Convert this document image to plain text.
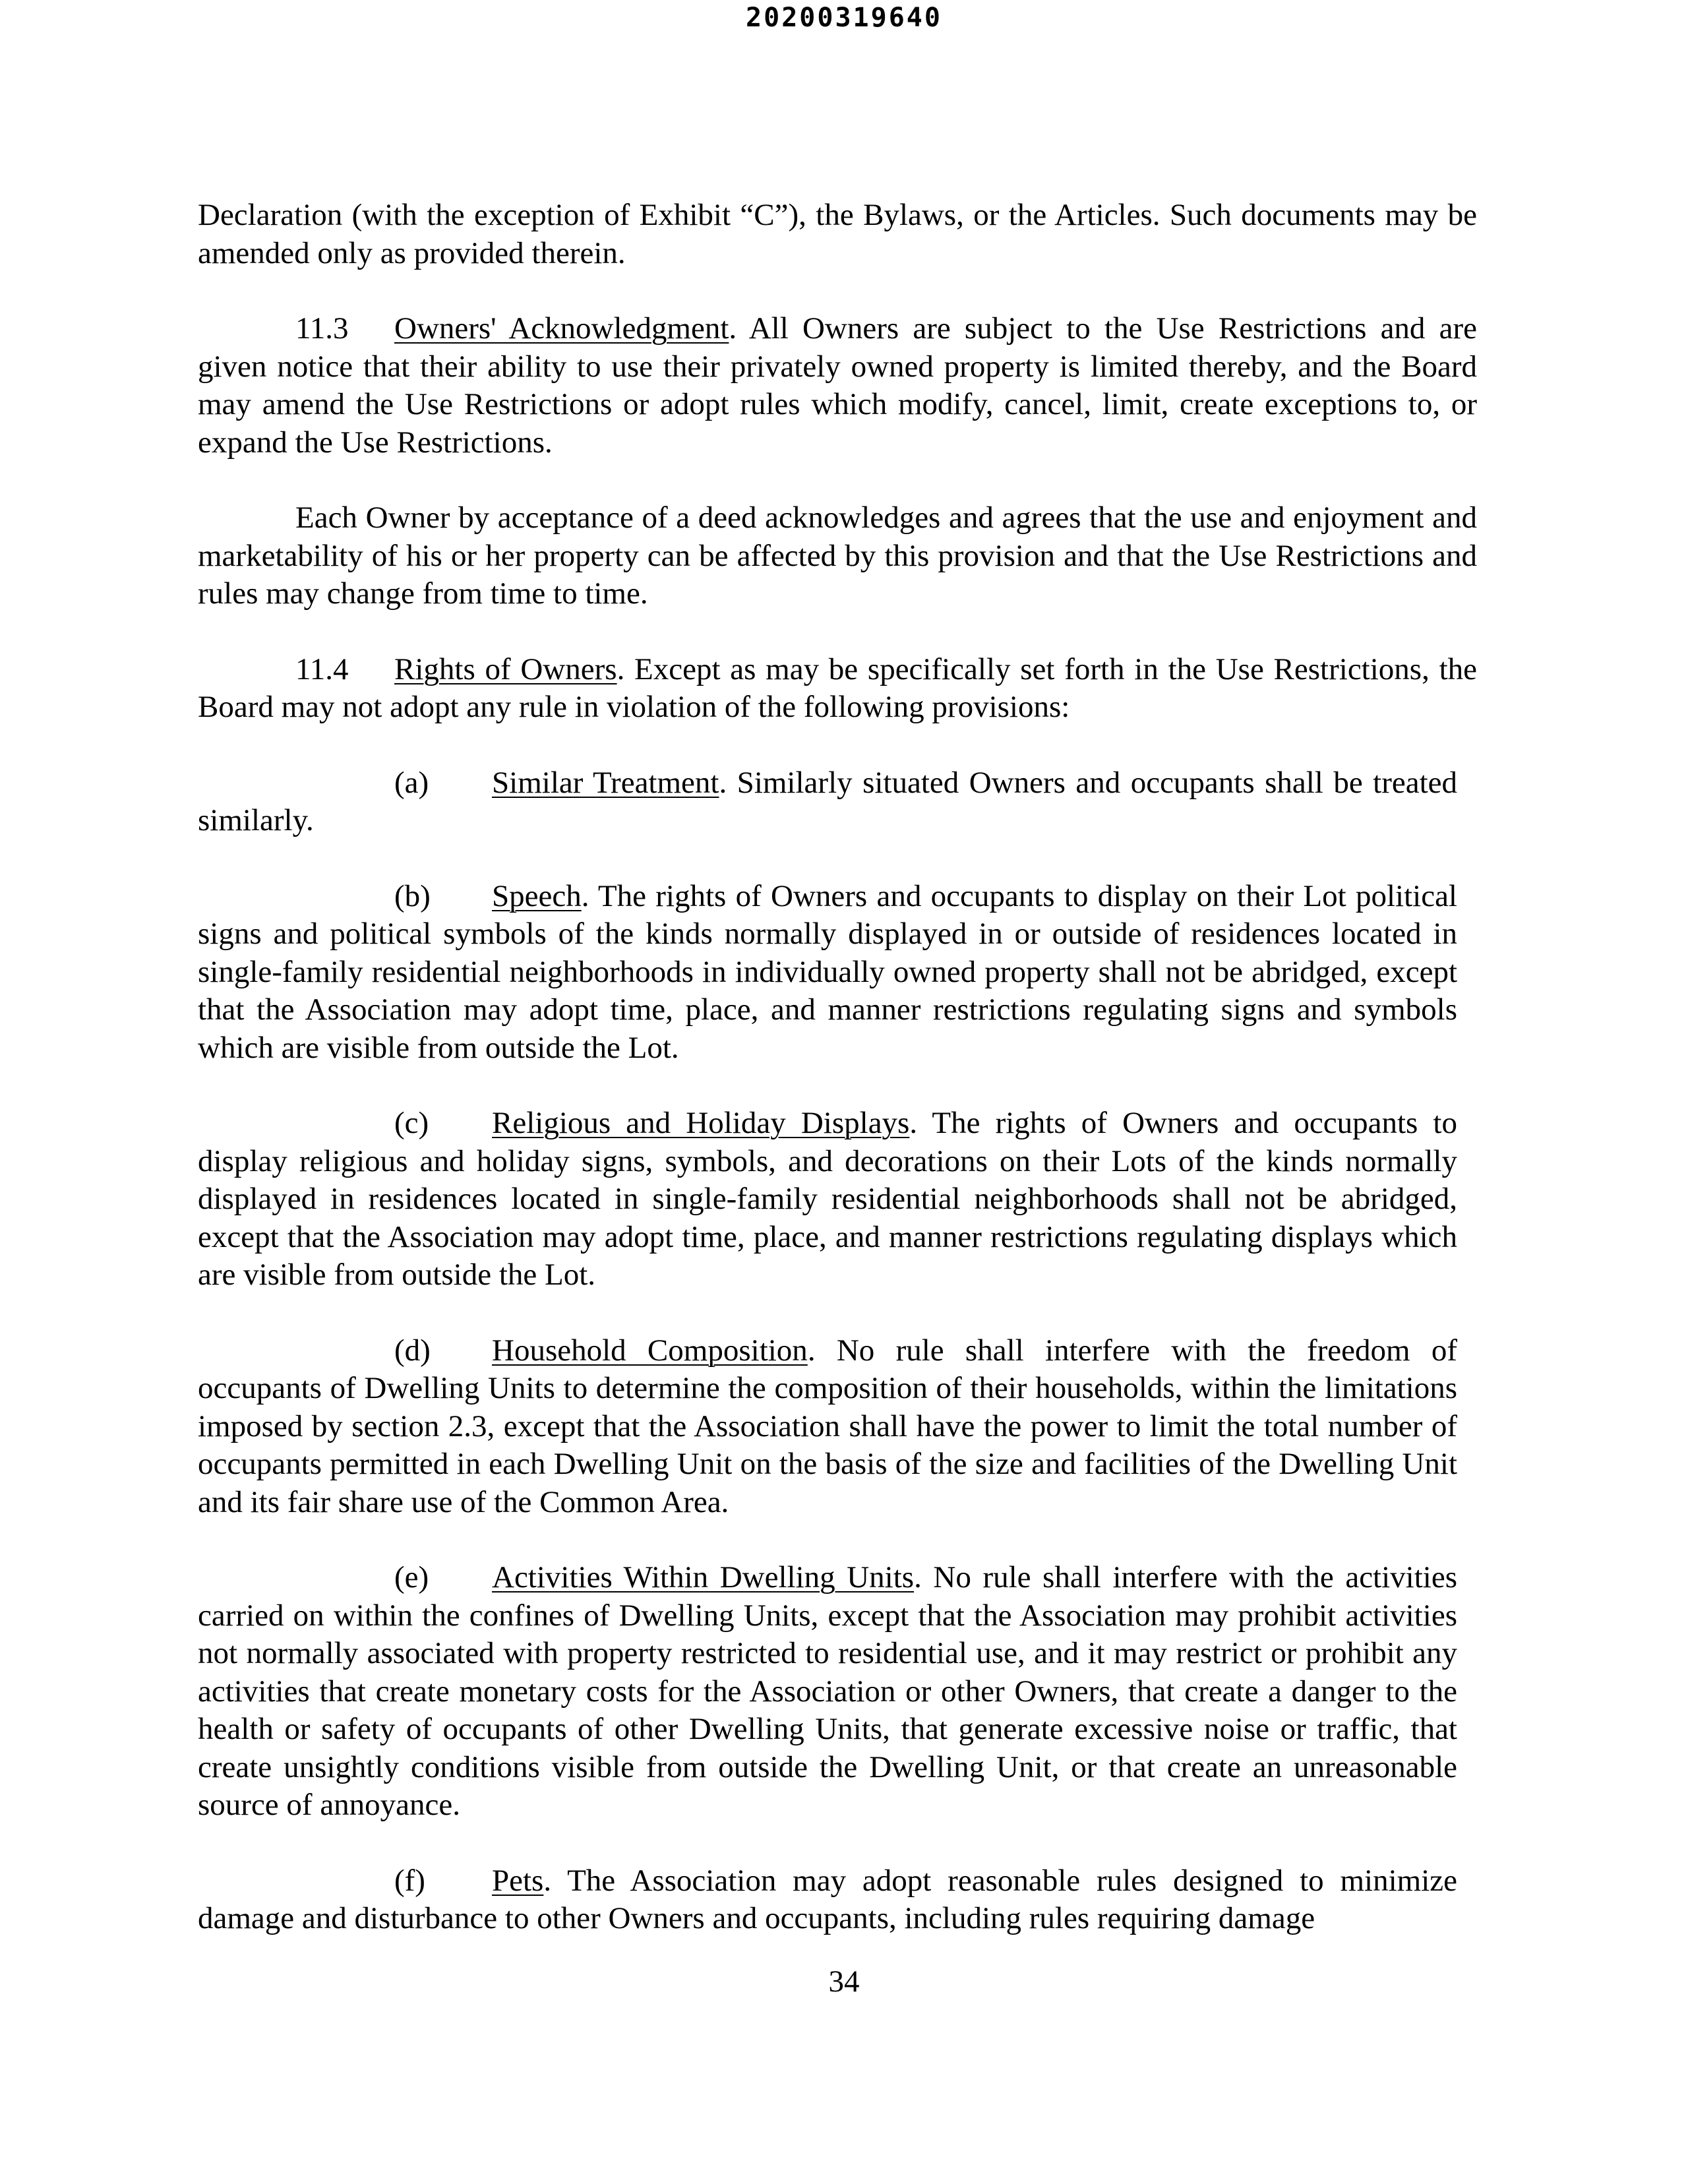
20200319640

Declaration (with the exception of Exhibit “C”), the Bylaws, or the Articles. Such documents may be amended only as provided therein.

11.3 Owners' Acknowledgment. All Owners are subject to the Use Restrictions and are given notice that their ability to use their privately owned property is limited thereby, and the Board may amend the Use Restrictions or adopt rules which modify, cancel, limit, create exceptions to, or expand the Use Restrictions.

Each Owner by acceptance of a deed acknowledges and agrees that the use and enjoyment and marketability of his or her property can be affected by this provision and that the Use Restrictions and rules may change from time to time.

11.4 Rights of Owners. Except as may be specifically set forth in the Use Restrictions, the Board may not adopt any rule in violation of the following provisions:

(a) Similar Treatment. Similarly situated Owners and occupants shall be treated similarly.

(b) Speech. The rights of Owners and occupants to display on their Lot political signs and political symbols of the kinds normally displayed in or outside of residences located in single-family residential neighborhoods in individually owned property shall not be abridged, except that the Association may adopt time, place, and manner restrictions regulating signs and symbols which are visible from outside the Lot.

(c) Religious and Holiday Displays. The rights of Owners and occupants to display religious and holiday signs, symbols, and decorations on their Lots of the kinds normally displayed in residences located in single-family residential neighborhoods shall not be abridged, except that the Association may adopt time, place, and manner restrictions regulating displays which are visible from outside the Lot.

(d) Household Composition. No rule shall interfere with the freedom of occupants of Dwelling Units to determine the composition of their households, within the limitations imposed by section 2.3, except that the Association shall have the power to limit the total number of occupants permitted in each Dwelling Unit on the basis of the size and facilities of the Dwelling Unit and its fair share use of the Common Area.

(e) Activities Within Dwelling Units. No rule shall interfere with the activities carried on within the confines of Dwelling Units, except that the Association may prohibit activities not normally associated with property restricted to residential use, and it may restrict or prohibit any activities that create monetary costs for the Association or other Owners, that create a danger to the health or safety of occupants of other Dwelling Units, that generate excessive noise or traffic, that create unsightly conditions visible from outside the Dwelling Unit, or that create an unreasonable source of annoyance.

(f) Pets. The Association may adopt reasonable rules designed to minimize damage and disturbance to other Owners and occupants, including rules requiring damage

34
